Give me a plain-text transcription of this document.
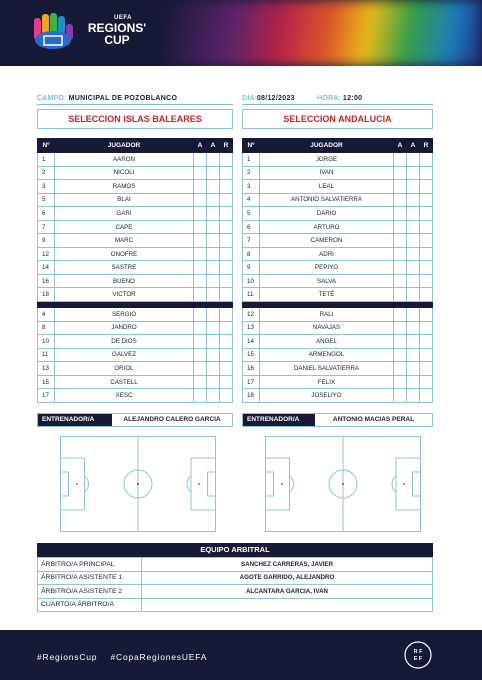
UEFA
REGIONS'
CUP
CAMPO: MUNICIPAL DE POZOBLANCO	DÍA:08/12/2023	HORA: 12:00
SELECCION ISLAS BALEARES	SELECCION ANDALUCIA
Nº	JUGADOR	A	A	R
1	AARON			
2	NICOLI			
3	RAMOS			
5	BLAI			
6	GARI			
7	CAPE			
9	MARC			
12	ONOFRE			
14	SASTRE			
16	BUENO			
18	VICTOR			

4	SERGIO			
8	JANDRO			
10	DE DIOS			
11	GALVEZ			
13	ORIOL			
15	CASTELL			
17	XESC			
Nº	JUGADOR	A	A	R
1	JORGE			
2	IVAN			
3	LEAL			
4	ANTONIO SALVATIERRA			
5	DARIO			
6	ARTURO			
7	CAMERON			
8	ADRI			
9	PEPIYO			
10	SALVA			
11	TETÉ			

12	RALI			
13	NAVAJAS			
14	ANGEL			
15	ARMENGOL			
16	DANIEL SALVATIERRA			
17	FELIX			
18	JOSELIYO			
ENTRENADOR/A	ALEJANDRO CALERO GARCIA	ENTRENADOR/A	ANTONIO MACIAS PERAL
EQUIPO ARBITRAL
ÁRBITRO/A PRINCIPAL	SANCHEZ CARRERAS, JAVIER
ÁRBITRO/A ASISTENTE 1	AGOTE GARRIDO, ALEJANDRO
ÁRBITRO/A ASISTENTE 2	ALCANTARA GARCIA, IVAN
CUARTO/A ÁRBITRO/A	
#RegionsCup #CopaRegionesUEFA	R F
E F
